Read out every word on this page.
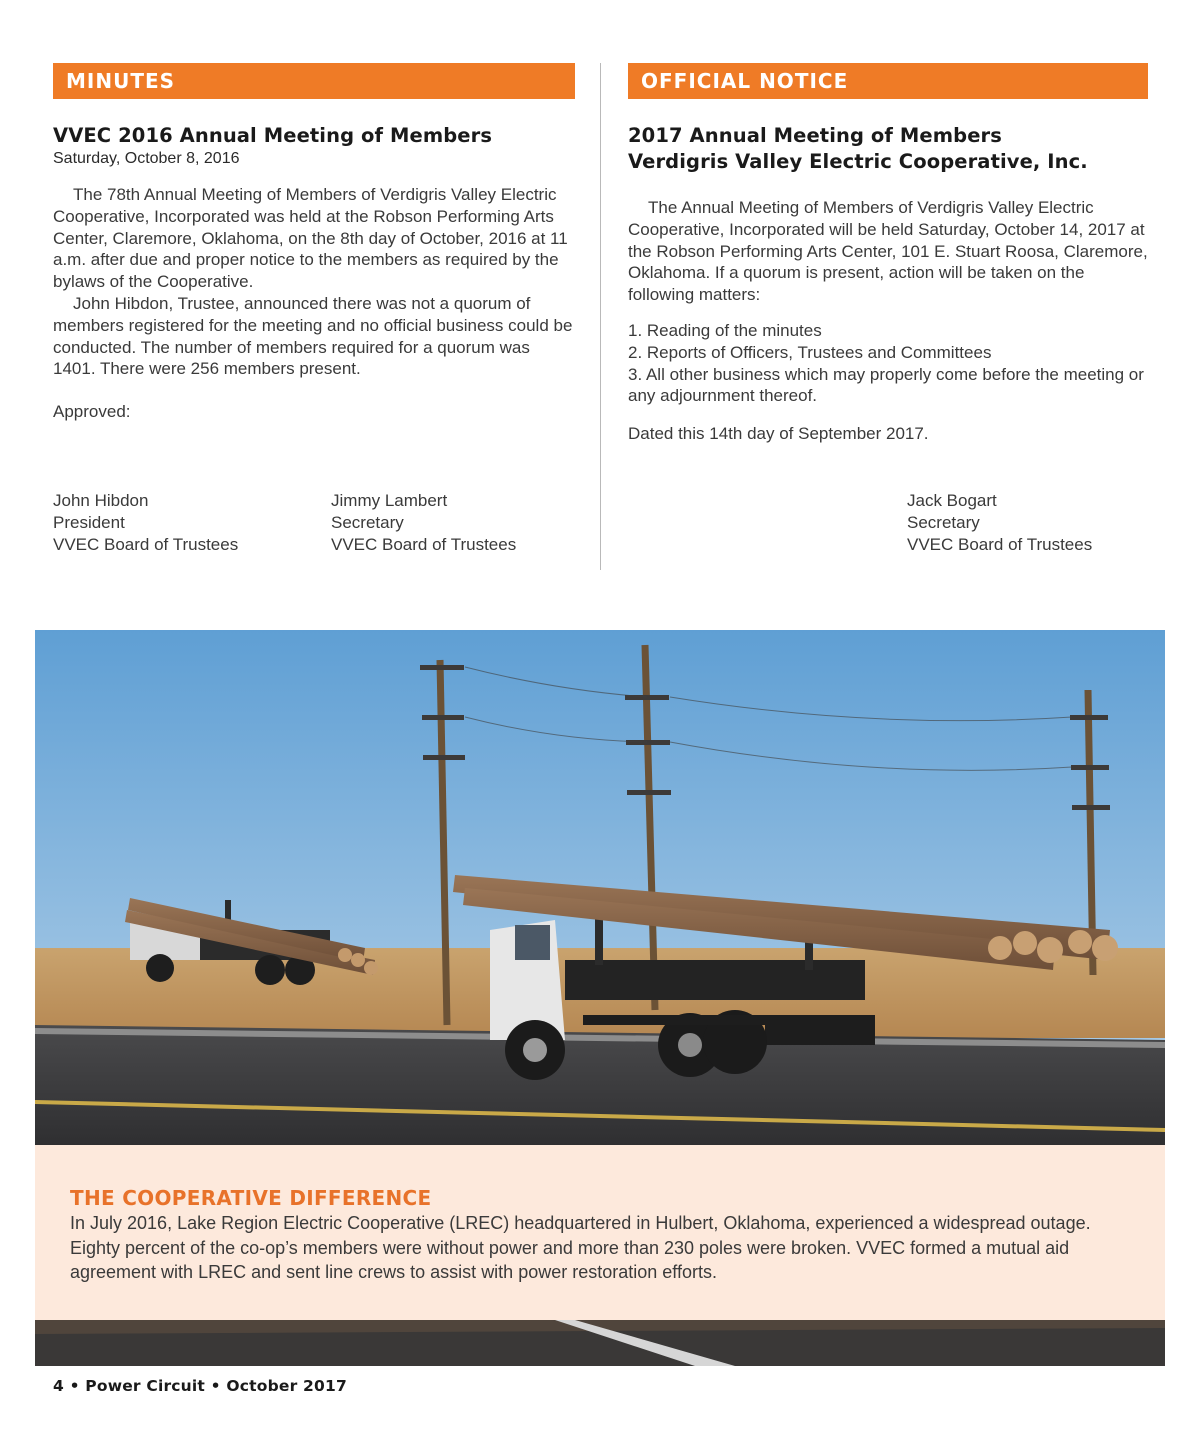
MINUTES
VVEC 2016 Annual Meeting of Members
Saturday, October 8, 2016

The 78th Annual Meeting of Members of Verdigris Valley Electric Cooperative, Incorporated was held at the Robson Performing Arts Center, Claremore, Oklahoma, on the 8th day of October, 2016 at 11 a.m. after due and proper notice to the members as required by the bylaws of the Cooperative.

John Hibdon, Trustee, announced there was not a quorum of members registered for the meeting and no official business could be conducted. The number of members required for a quorum was 1401. There were 256 members present.

Approved:

OFFICIAL NOTICE
2017 Annual Meeting of Members
Verdigris Valley Electric Cooperative, Inc.

The Annual Meeting of Members of Verdigris Valley Electric Cooperative, Incorporated will be held Saturday, October 14, 2017 at the Robson Performing Arts Center, 101 E. Stuart Roosa, Claremore, Oklahoma. If a quorum is present, action will be taken on the following matters:

1. Reading of the minutes

2. Reports of Officers, Trustees and Committees

3. All other business which may properly come before the meeting or any adjournment thereof.

Dated this 14th day of September 2017.

John Hibdon
President
VVEC Board of Trustees
Jimmy Lambert
Secretary
VVEC Board of Trustees
Jack Bogart
Secretary
VVEC Board of Trustees
THE COOPERATIVE DIFFERENCE

In July 2016, Lake Region Electric Cooperative (LREC) headquartered in Hulbert, Oklahoma, experienced a widespread outage. Eighty percent of the co-op’s members were without power and more than 230 poles were broken. VVEC formed a mutual aid agreement with LREC and sent line crews to assist with power restoration efforts.

4 • Power Circuit • October 2017
